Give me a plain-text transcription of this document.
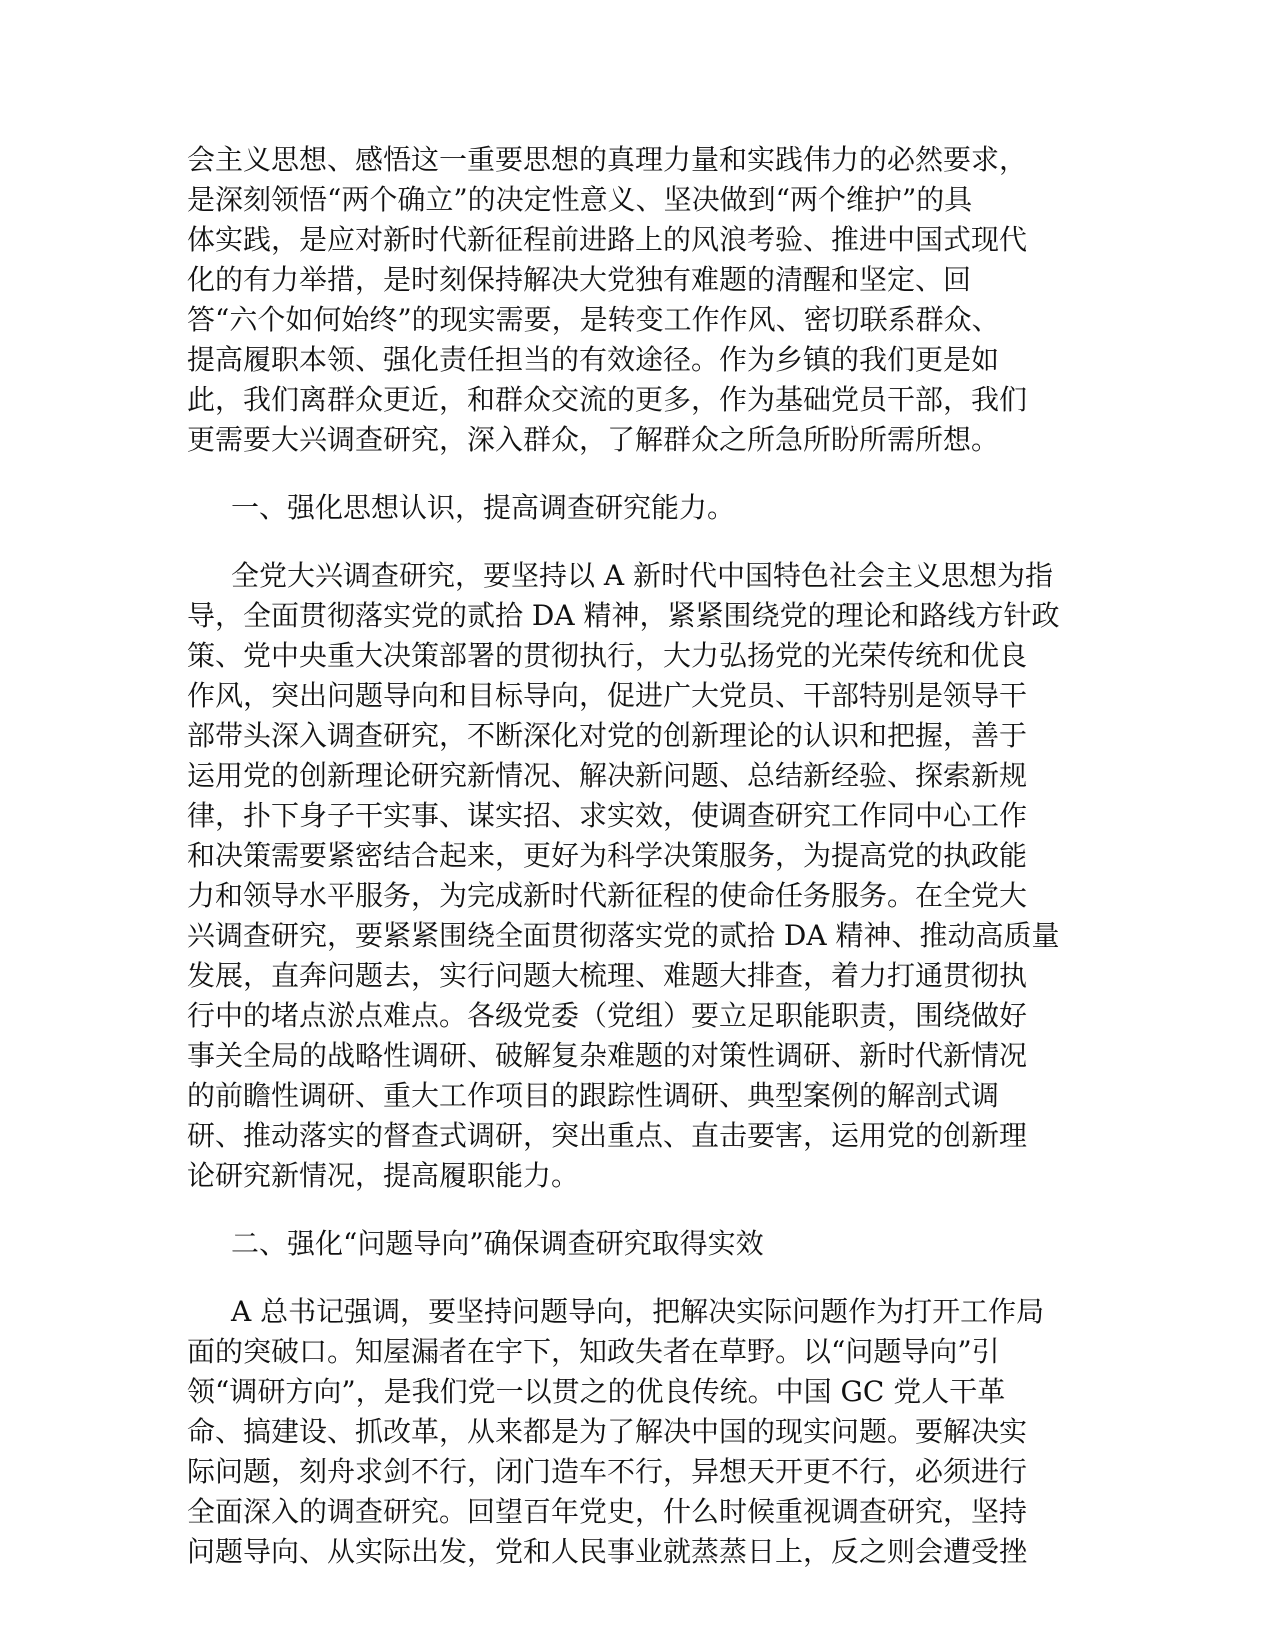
会主义思想、感悟这一重要思想的真理力量和实践伟力的必然要求，
是深刻领悟“两个确立”的决定性意义、坚决做到“两个维护”的具
体实践，是应对新时代新征程前进路上的风浪考验、推进中国式现代
化的有力举措，是时刻保持解决大党独有难题的清醒和坚定、回
答“六个如何始终”的现实需要，是转变工作作风、密切联系群众、
提高履职本领、强化责任担当的有效途径。作为乡镇的我们更是如
此，我们离群众更近，和群众交流的更多，作为基础党员干部，我们
更需要大兴调查研究，深入群众，了解群众之所急所盼所需所想。
一、强化思想认识，提高调查研究能力。
全党大兴调查研究，要坚持以 A 新时代中国特色社会主义思想为指
导，全面贯彻落实党的贰拾 DA 精神，紧紧围绕党的理论和路线方针政
策、党中央重大决策部署的贯彻执行，大力弘扬党的光荣传统和优良
作风，突出问题导向和目标导向，促进广大党员、干部特别是领导干
部带头深入调查研究，不断深化对党的创新理论的认识和把握，善于
运用党的创新理论研究新情况、解决新问题、总结新经验、探索新规
律，扑下身子干实事、谋实招、求实效，使调查研究工作同中心工作
和决策需要紧密结合起来，更好为科学决策服务，为提高党的执政能
力和领导水平服务，为完成新时代新征程的使命任务服务。在全党大
兴调查研究，要紧紧围绕全面贯彻落实党的贰拾 DA 精神、推动高质量
发展，直奔问题去，实行问题大梳理、难题大排查，着力打通贯彻执
行中的堵点淤点难点。各级党委（党组）要立足职能职责，围绕做好
事关全局的战略性调研、破解复杂难题的对策性调研、新时代新情况
的前瞻性调研、重大工作项目的跟踪性调研、典型案例的解剖式调
研、推动落实的督查式调研，突出重点、直击要害，运用党的创新理
论研究新情况，提高履职能力。
二、强化“问题导向”确保调查研究取得实效
A 总书记强调，要坚持问题导向，把解决实际问题作为打开工作局
面的突破口。知屋漏者在宇下，知政失者在草野。以“问题导向”引
领“调研方向”，是我们党一以贯之的优良传统。中国 GC 党人干革
命、搞建设、抓改革，从来都是为了解决中国的现实问题。要解决实
际问题，刻舟求剑不行，闭门造车不行，异想天开更不行，必须进行
全面深入的调查研究。回望百年党史，什么时候重视调查研究，坚持
问题导向、从实际出发，党和人民事业就蒸蒸日上，反之则会遭受挫
